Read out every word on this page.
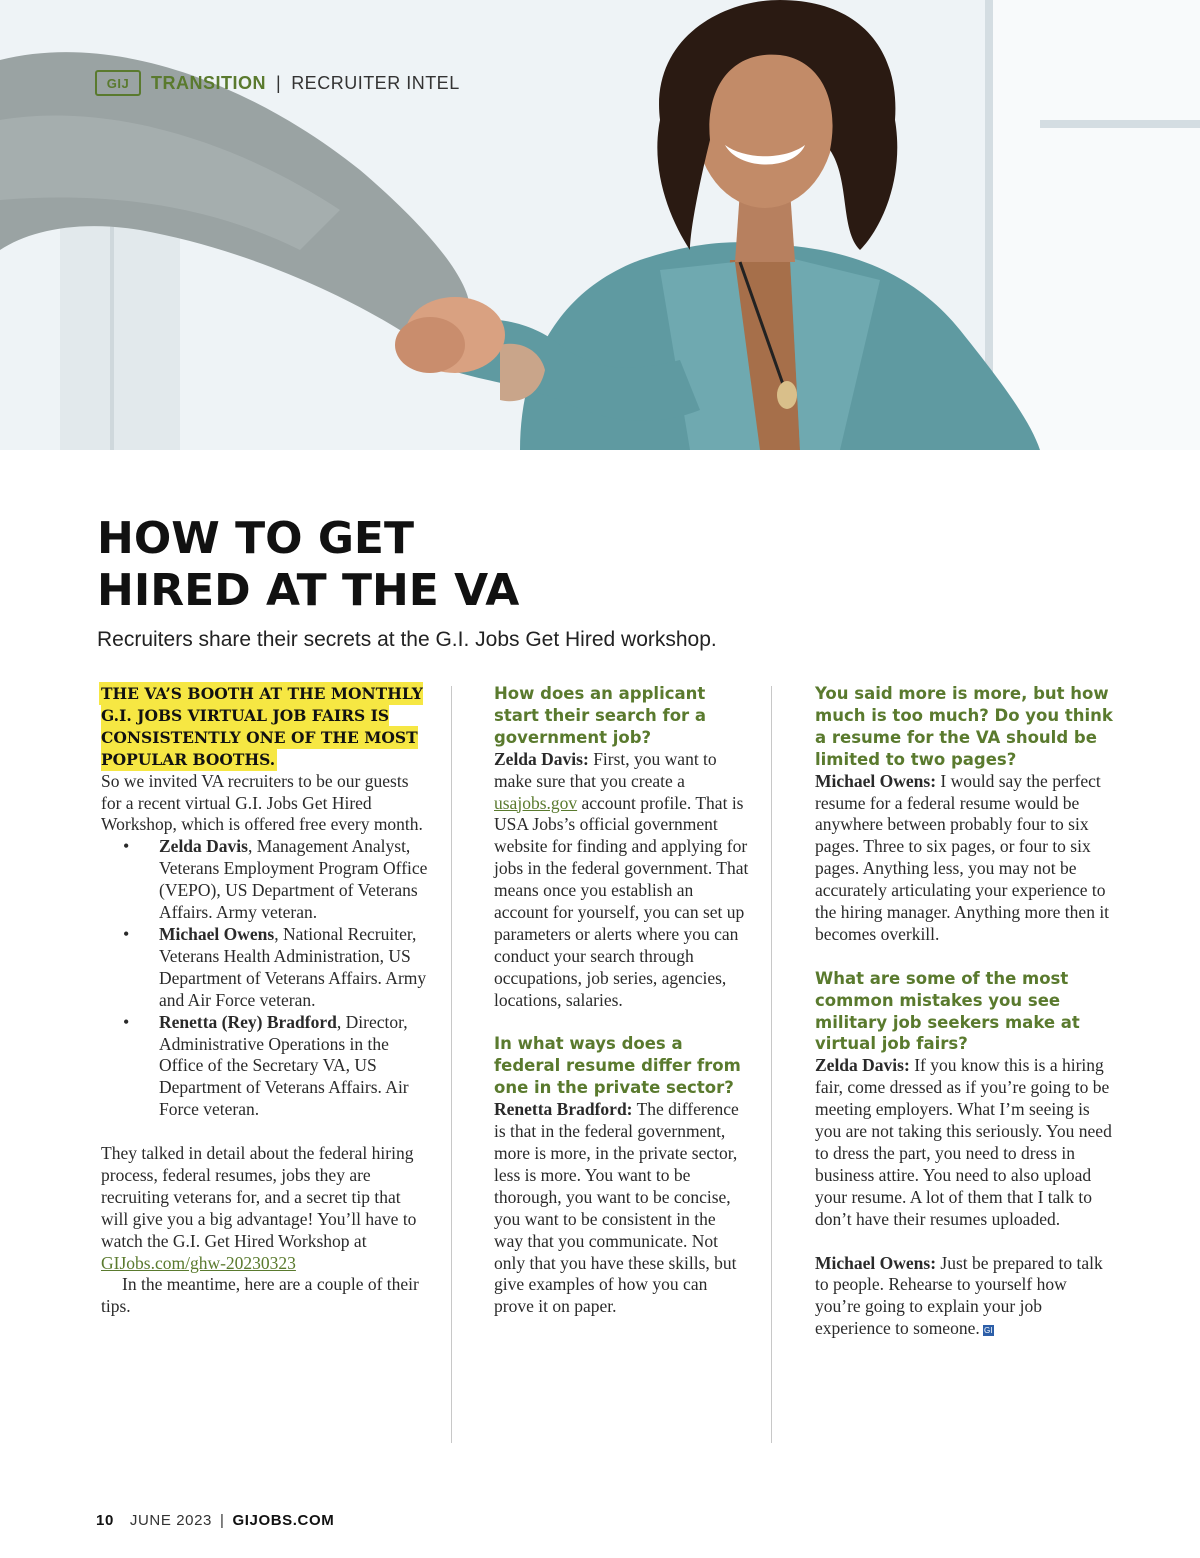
GIJ	TRANSITION | RECRUITER INTEL
HOW TO GET
HIRED AT THE VA

Recruiters share their secrets at the G.I. Jobs Get Hired workshop.

THE VA’S BOOTH AT THE MONTHLY G.I. JOBS VIRTUAL JOB FAIRS IS CONSISTENTLY ONE OF THE MOST POPULAR BOOTHS.

So we invited VA recruiters to be our guests for a recent virtual G.I. Jobs Get Hired Workshop, which is offered free every month.

• Zelda Davis, Management Analyst, Veterans Employment Program Office (VEPO), US Department of Veterans Affairs. Army veteran.
• Michael Owens, National Recruiter, Veterans Health Administration, US Department of Veterans Affairs. Army and Air Force veteran.
• Renetta (Rey) Bradford, Director, Administrative Operations in the Office of the Secretary VA, US Department of Veterans Affairs. Air Force veteran.

They talked in detail about the federal hiring process, federal resumes, jobs they are recruiting veterans for, and a secret tip that will give you a big advantage! You’ll have to watch the G.I. Get Hired Workshop at GIJobs.com/ghw-20230323

In the meantime, here are a couple of their tips.

How does an applicant start their search for a government job?

Zelda Davis: First, you want to make sure that you create a usajobs.gov account profile. That is USA Jobs’s official government website for finding and applying for jobs in the federal government. That means once you establish an account for yourself, you can set up parameters or alerts where you can conduct your search through occupations, job series, agencies, locations, salaries.

In what ways does a federal resume differ from one in the private sector?

Renetta Bradford: The difference is that in the federal government, more is more, in the private sector, less is more. You want to be thorough, you want to be concise, you want to be consistent in the way that you communicate. Not only that you have these skills, but give examples of how you can prove it on paper.

You said more is more, but how much is too much? Do you think a resume for the VA should be limited to two pages?

Michael Owens: I would say the perfect resume for a federal resume would be anywhere between probably four to six pages. Three to six pages, or four to six pages. Anything less, you may not be accurately articulating your experience to the hiring manager. Anything more then it becomes overkill.

What are some of the most common mistakes you see military job seekers make at virtual job fairs?

Zelda Davis: If you know this is a hiring fair, come dressed as if you’re going to be meeting employers. What I’m seeing is you are not taking this seriously. You need to dress the part, you need to dress in business attire. You need to also upload your resume. A lot of them that I talk to don’t have their resumes uploaded.

Michael Owens: Just be prepared to talk to people. Rehearse to yourself how you’re going to explain your job experience to someone. GI

10 JUNE 2023 | GIJOBS.COM
